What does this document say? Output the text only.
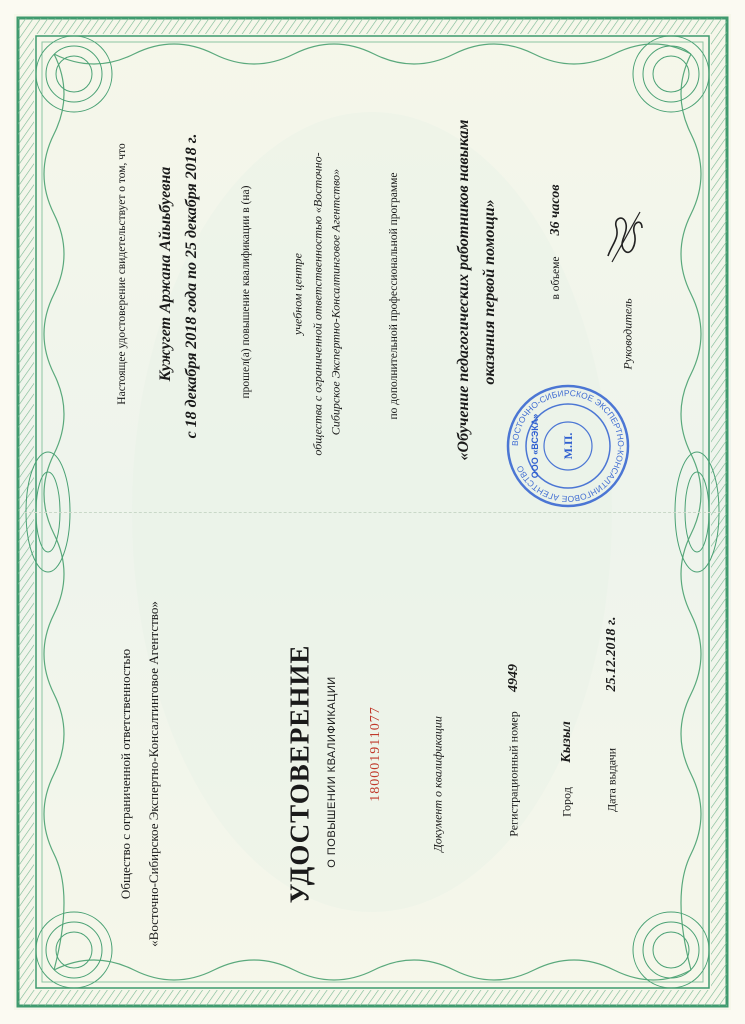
Общество с ограниченной ответственностью «Восточно-Сибирское Экспертно-Консалтинговое Агентство»	УДОСТОВЕРЕНИЕ О ПОВЫШЕНИИ КВАЛИФИКАЦИИ 180001911077	Документ о квалификации	Регистрационный номер
4949
Город
Кызыл
Дата выдачи
25.12.2018 г.
Настоящее удостоверение свидетельствует о том, что Кужугет Аржана Айыьбуевна с 18 декабря 2018 года по 25 декабря 2018 г.	прошел(а) повышение квалификации в (на)	учебном центре общества с ограниченной ответственностью «Восточно- Сибирское Экспертно-Консалтинговое Агентство»	по дополнительной профессиональной программе	«Обучение педагогических работников навыкам оказания первой помощи»	в объеме
36 часов
Руководитель
ВОСТОЧНО-СИБИРСКОЕ ЭКСПЕРТНО-КОНСАЛТИНГОВОЕ АГЕНТСТВО ООО «ВСЭКА» М.П.
